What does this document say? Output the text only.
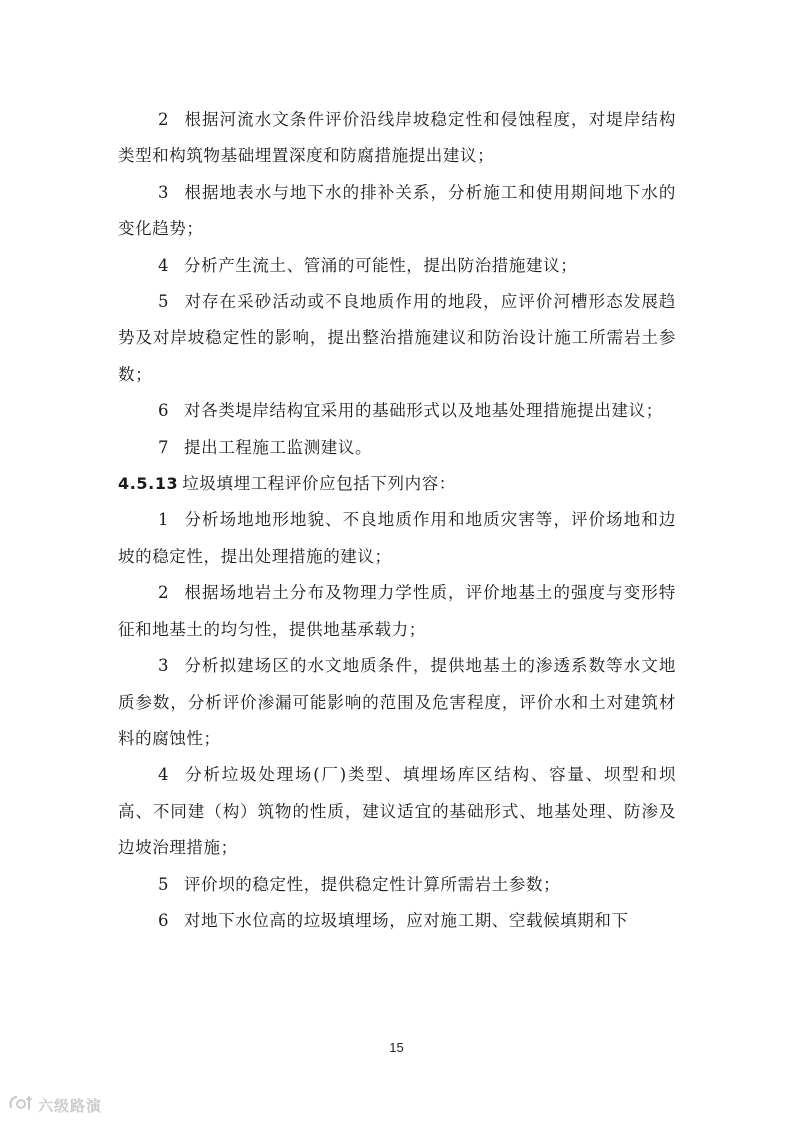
2 根据河流水文条件评价沿线岸坡稳定性和侵蚀程度，对堤岸结构类型和构筑物基础埋置深度和防腐措施提出建议；

3 根据地表水与地下水的排补关系，分析施工和使用期间地下水的变化趋势；

4 分析产生流土、管涌的可能性，提出防治措施建议；

5 对存在采砂活动或不良地质作用的地段，应评价河槽形态发展趋势及对岸坡稳定性的影响，提出整治措施建议和防治设计施工所需岩土参数；

6 对各类堤岸结构宜采用的基础形式以及地基处理措施提出建议；

7 提出工程施工监测建议。

4.5.13 垃圾填埋工程评价应包括下列内容：

1 分析场地地形地貌、不良地质作用和地质灾害等，评价场地和边坡的稳定性，提出处理措施的建议；

2 根据场地岩土分布及物理力学性质，评价地基土的强度与变形特征和地基土的均匀性，提供地基承载力；

3 分析拟建场区的水文地质条件，提供地基土的渗透系数等水文地质参数，分析评价渗漏可能影响的范围及危害程度，评价水和土对建筑材料的腐蚀性；

4 分析垃圾处理场(厂)类型、填埋场库区结构、容量、坝型和坝高、不同建（构）筑物的性质，建议适宜的基础形式、地基处理、防渗及边坡治理措施；

5 评价坝的稳定性，提供稳定性计算所需岩土参数；

6 对地下水位高的垃圾填埋场，应对施工期、空载候填期和下

15
六级路演
